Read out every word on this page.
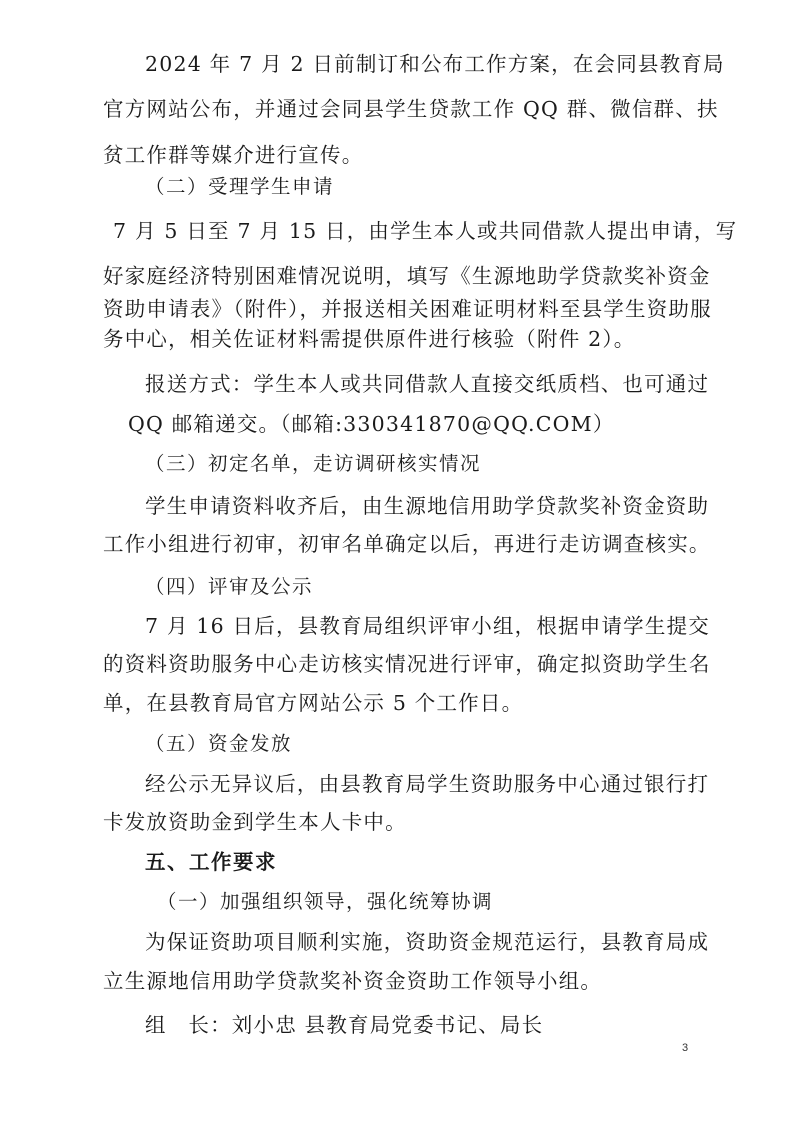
2024 年 7 月 2 日前制订和公布工作方案，在会同县教育局
官方网站公布，并通过会同县学生贷款工作 QQ 群、微信群、扶
贫工作群等媒介进行宣传。
（二）受理学生申请
7 月 5 日至 7 月 15 日，由学生本人或共同借款人提出申请，写
好家庭经济特别困难情况说明，填写《生源地助学贷款奖补资金
资助申请表》（附件），并报送相关困难证明材料至县学生资助服
务中心，相关佐证材料需提供原件进行核验（附件 2）。
报送方式：学生本人或共同借款人直接交纸质档、也可通过
QQ 邮箱递交。（邮箱:330341870@QQ.COM）
（三）初定名单，走访调研核实情况
学生申请资料收齐后，由生源地信用助学贷款奖补资金资助
工作小组进行初审，初审名单确定以后，再进行走访调查核实。
（四）评审及公示
7 月 16 日后，县教育局组织评审小组，根据申请学生提交
的资料资助服务中心走访核实情况进行评审，确定拟资助学生名
单，在县教育局官方网站公示 5 个工作日。
（五）资金发放
经公示无异议后，由县教育局学生资助服务中心通过银行打
卡发放资助金到学生本人卡中。
五、工作要求
（一）加强组织领导，强化统筹协调
为保证资助项目顺利实施，资助资金规范运行，县教育局成
立生源地信用助学贷款奖补资金资助工作领导小组。
组　长：刘小忠 县教育局党委书记、局长
3
